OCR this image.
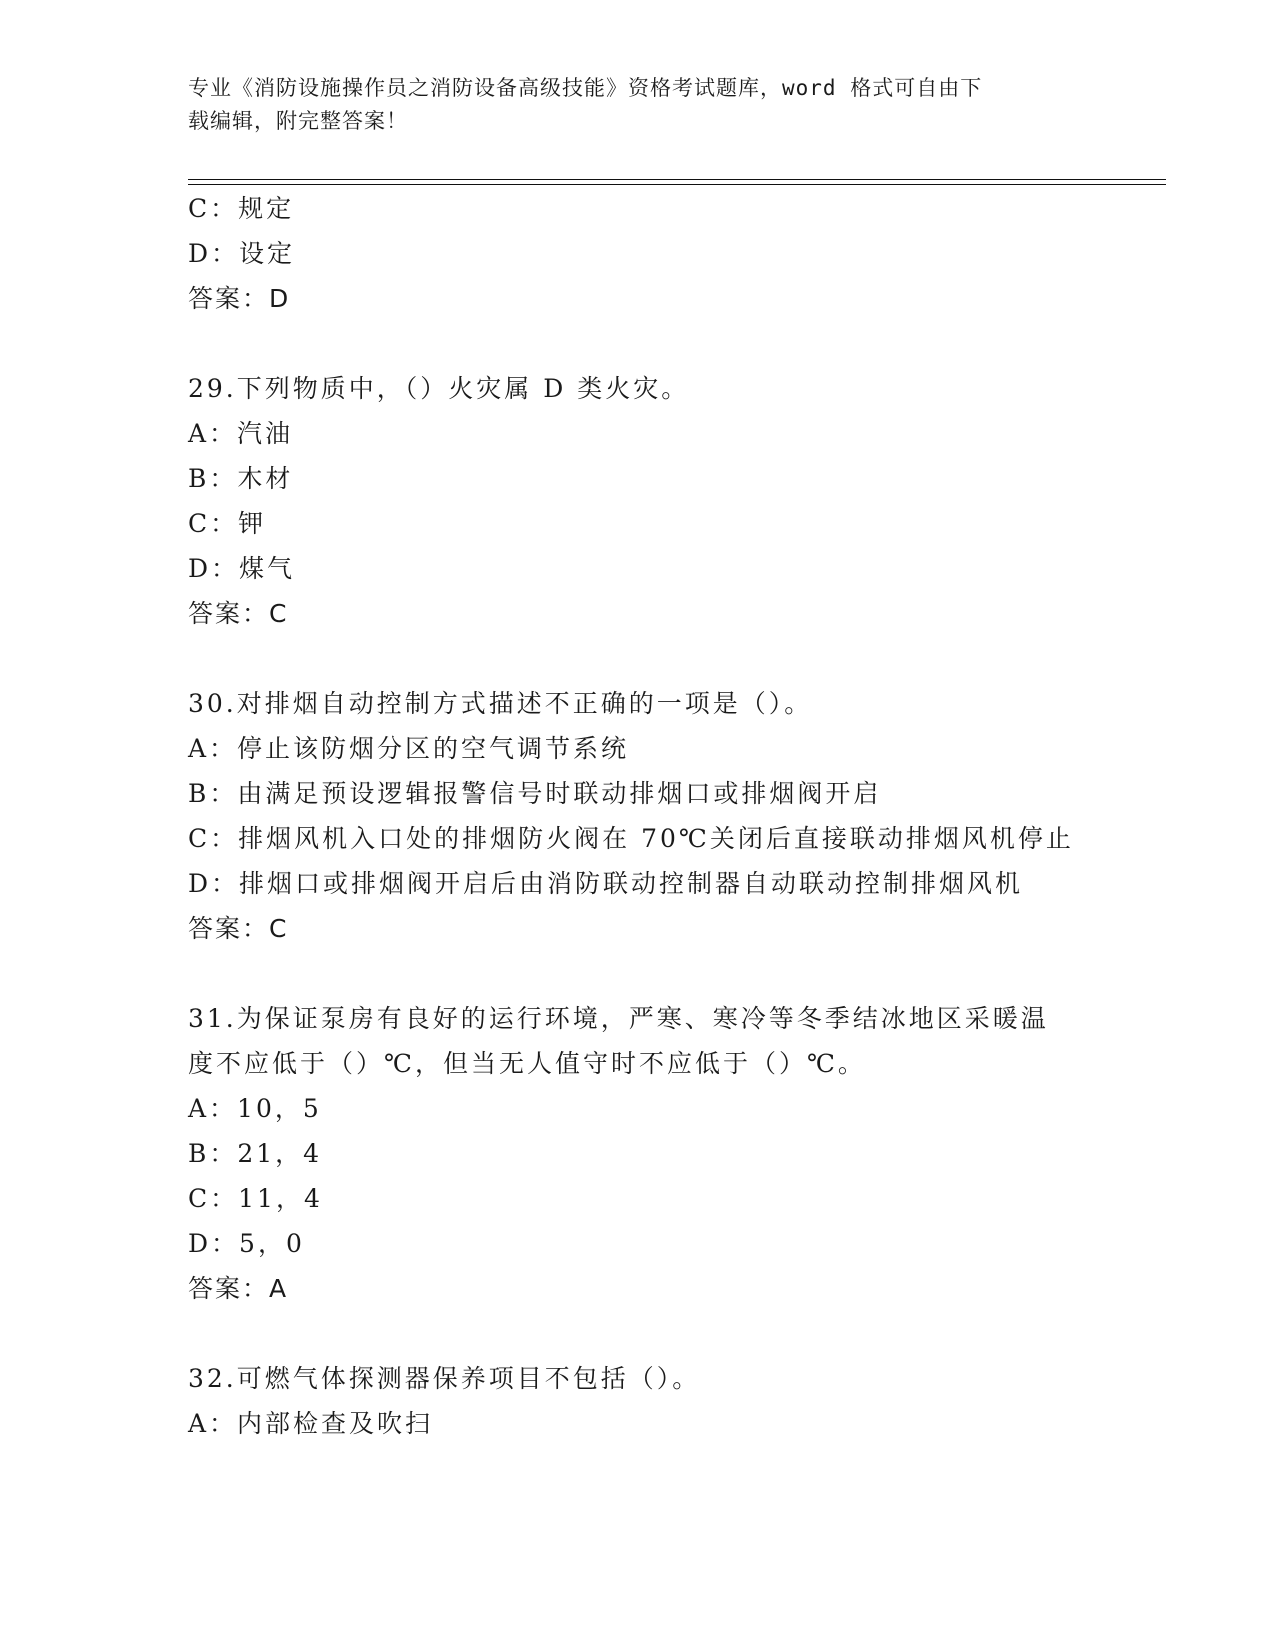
专业《消防设施操作员之消防设备高级技能》资格考试题库，word 格式可自由下
载编辑，附完整答案！
C：规定
D：设定
答案：D
29.下列物质中，（）火灾属 D 类火灾。
A：汽油
B：木材
C：钾
D：煤气
答案：C
30.对排烟自动控制方式描述不正确的一项是（）。
A：停止该防烟分区的空气调节系统
B：由满足预设逻辑报警信号时联动排烟口或排烟阀开启
C：排烟风机入口处的排烟防火阀在 70℃关闭后直接联动排烟风机停止
D：排烟口或排烟阀开启后由消防联动控制器自动联动控制排烟风机
答案：C
31.为保证泵房有良好的运行环境，严寒、寒冷等冬季结冰地区采暖温
度不应低于（）℃，但当无人值守时不应低于（）℃。
A：10，5
B：21，4
C：11，4
D：5，0
答案：A
32.可燃气体探测器保养项目不包括（）。
A：内部检查及吹扫
